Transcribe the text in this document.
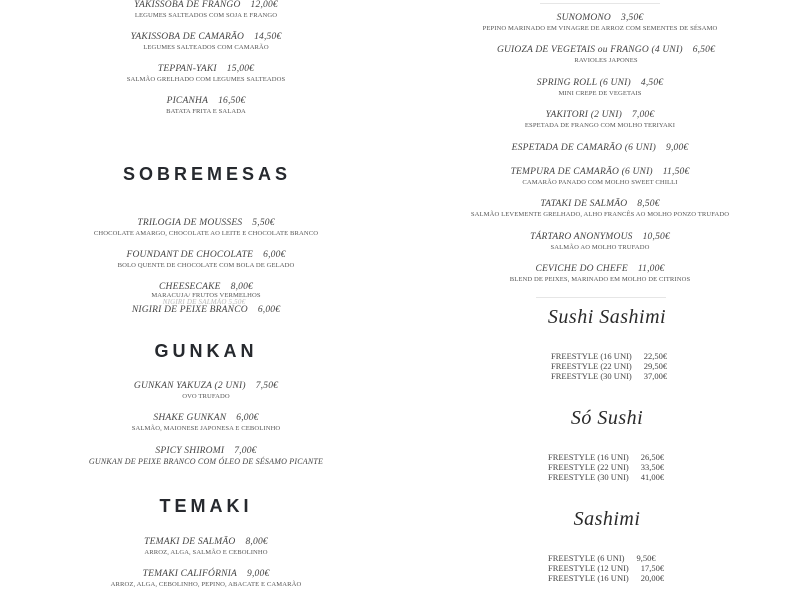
YAKISSOBA DE FRANGO 12,00€
LEGUMES SALTEADOS COM SOJA E FRANGO
YAKISSOBA DE CAMARÃO 14,50€
LEGUMES SALTEADOS COM CAMARÃO
TEPPAN-YAKI 15,00€
SALMÃO GRELHADO COM LEGUMES SALTEADOS
PICANHA 16,50€
BATATA FRITA E SALADA
SOBREMESAS
TRILOGIA DE MOUSSES 5,50€
CHOCOLATE AMARGO, CHOCOLATE AO LEITE E CHOCOLATE BRANCO
FOUNDANT DE CHOCOLATE 6,00€
BOLO QUENTE DE CHOCOLATE COM BOLA DE GELADO
CHEESECAKE 8,00€
MARACUJA/ FRUTOS VERMELHOS
NIGIRI DE SALMÃO 5,50€
NIGIRI DE PEIXE BRANCO 6,00€
GUNKAN
GUNKAN YAKUZA (2 UNI) 7,50€
OVO TRUFADO
SHAKE GUNKAN 6,00€
SALMÃO, MAIONESE JAPONESA E CEBOLINHO
SPICY SHIROMI 7,00€
GUNKAN DE PEIXE BRANCO COM ÓLEO DE SÉSAMO PICANTE
TEMAKI
TEMAKI DE SALMÃO 8,00€
ARROZ, ALGA, SALMÃO E CEBOLINHO
TEMAKI CALIFÓRNIA 9,00€
ARROZ, ALGA, CEBOLINHO, PEPINO, ABACATE E CAMARÃO
SUNOMONO 3,50€
PEPINO MARINADO EM VINAGRE DE ARROZ COM SEMENTES DE SÉSAMO
GUIOZA DE VEGETAIS ou FRANGO (4 UNI) 6,50€
RAVIOLES JAPONES
SPRING ROLL (6 UNI) 4,50€
MINI CREPE DE VEGETAIS
YAKITORI (2 UNI) 7,00€
ESPETADA DE FRANGO COM MOLHO TERIYAKI
ESPETADA DE CAMARÃO (6 UNI) 9,00€
TEMPURA DE CAMARÃO (6 UNI) 11,50€
CAMARÃO PANADO COM MOLHO SWEET CHILLI
TATAKI DE SALMÃO 8,50€
SALMÃO LEVEMENTE GRELHADO, ALHO FRANCÊS AO MOLHO PONZO TRUFADO
TÁRTARO ANONYMOUS 10,50€
SALMÃO AO MOLHO TRUFADO
CEVICHE DO CHEFE 11,00€
BLEND DE PEIXES, MARINADO EM MOLHO DE CITRINOS
Sushi Sashimi
FREESTYLE (16 UNI) 22,50€
FREESTYLE (22 UNI) 29,50€
FREESTYLE (30 UNI) 37,00€
Só Sushi
FREESTYLE (16 UNI) 26,50€
FREESTYLE (22 UNI) 33,50€
FREESTYLE (30 UNI) 41,00€
Sashimi
FREESTYLE (6 UNI) 9,50€
FREESTYLE (12 UNI) 17,50€
FREESTYLE (16 UNI) 20,00€
